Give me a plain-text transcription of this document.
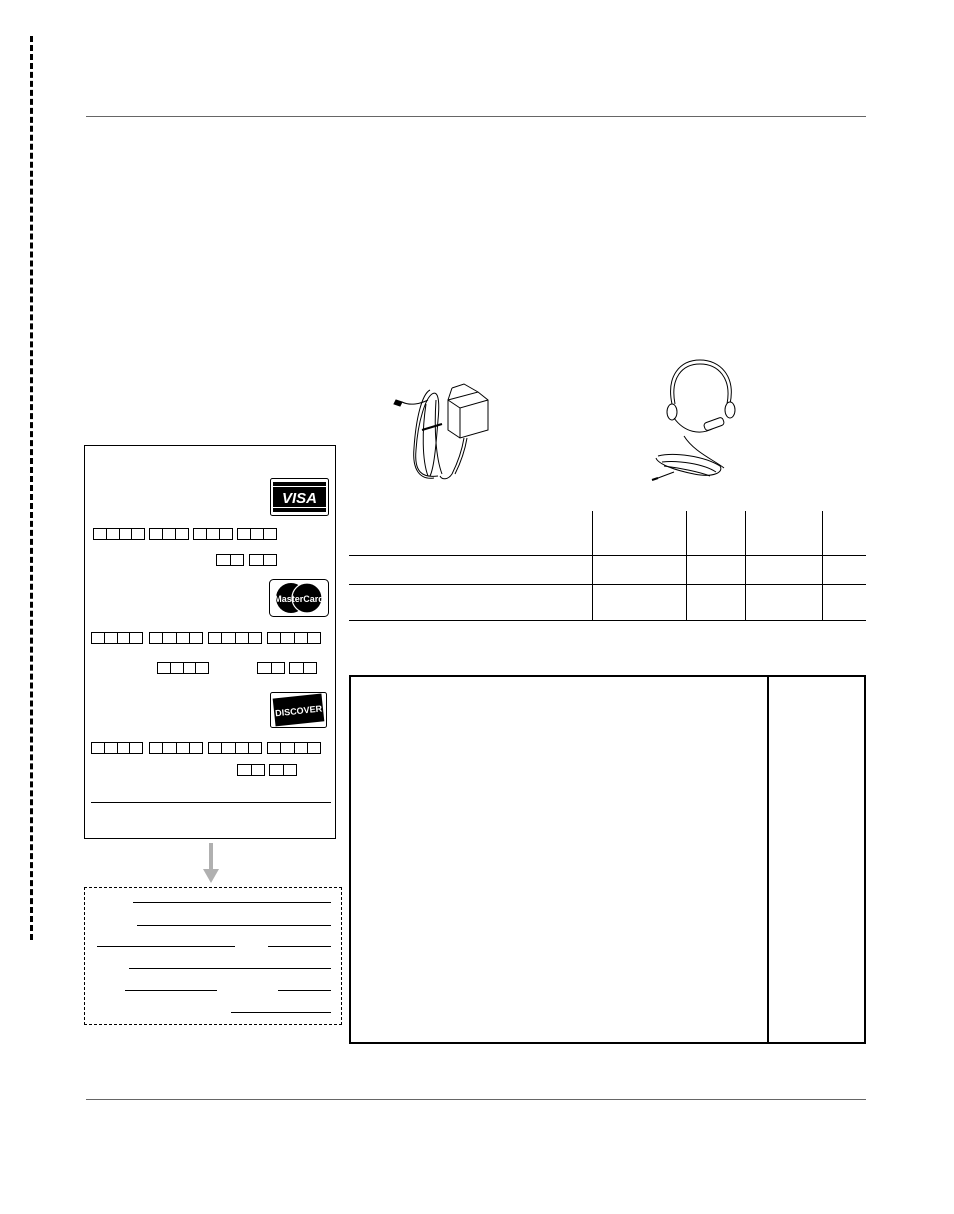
VISA
MasterCard
DISCOVER
